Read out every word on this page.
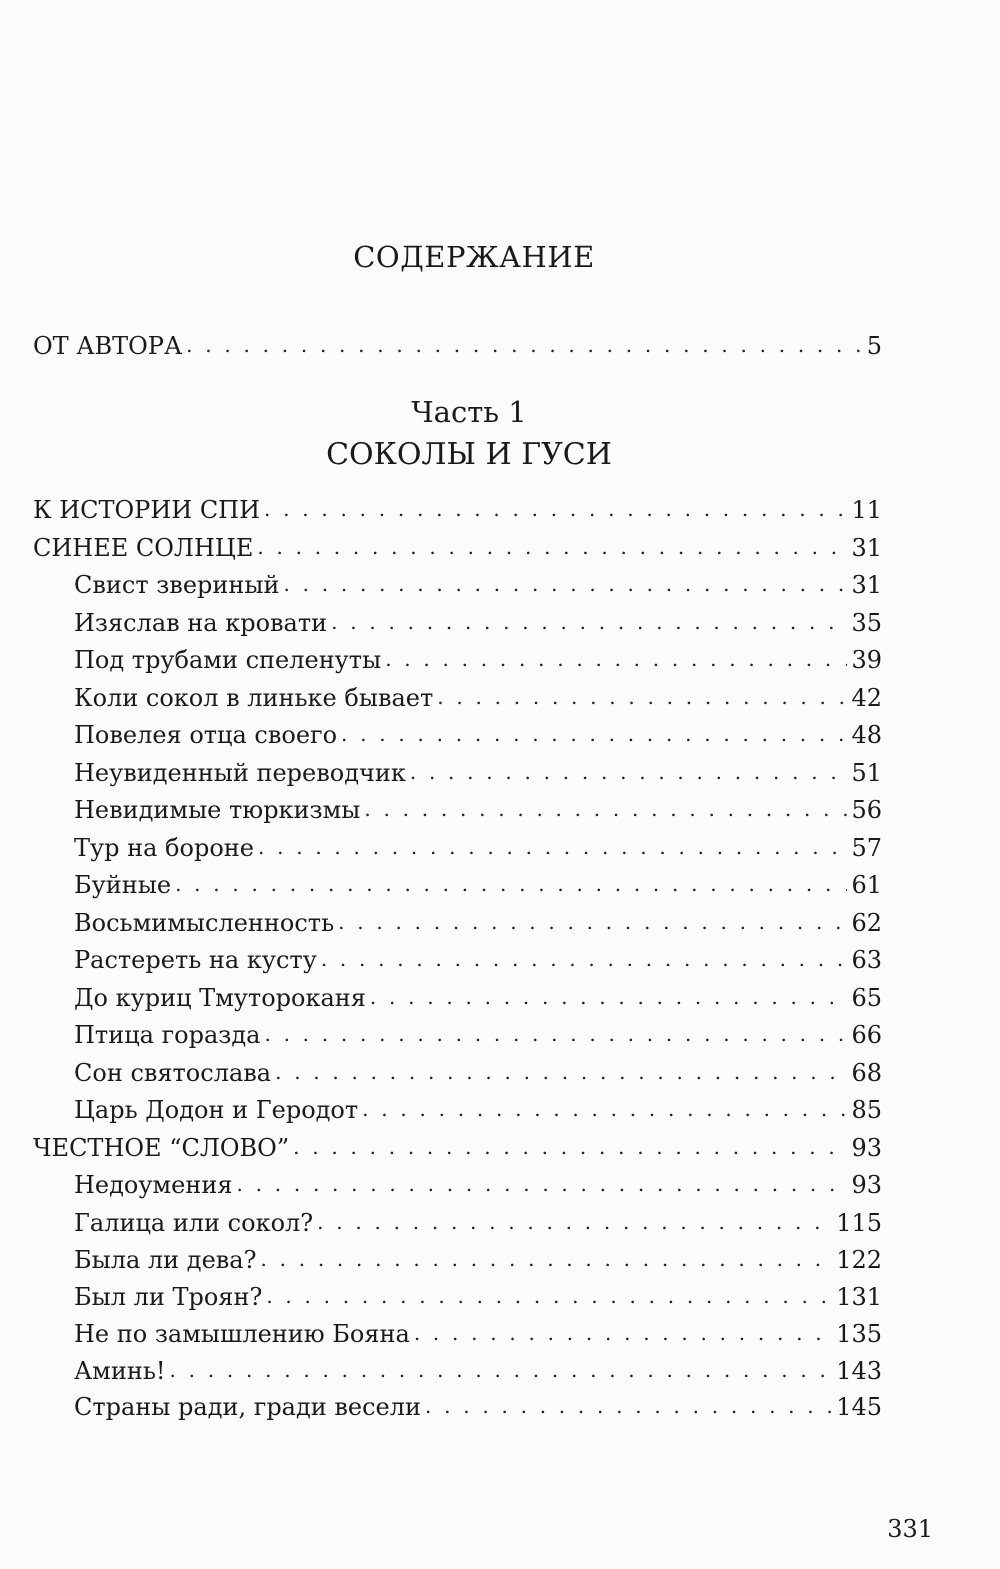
СОДЕРЖАНИЕ
ОТ АВТОРА . . .	5
Часть 1
СОКОЛЫ И ГУСИ
К ИСТОРИИ СПИ . . .	11
СИНЕЕ СОЛНЦЕ . . .	31
Свист звериный . . .	31
Изяслав на кровати . . .	35
Под трубами спеленуты . . .	39
Коли сокол в линьке бывает . . .	42
Повелея отца своего . . .	48
Неувиденный переводчик . . .	51
Невидимые тюркизмы . . .	56
Тур на бороне . . .	57
Буйные . . .	61
Восьмимысленность . . .	62
Растереть на кусту . . .	63
До куриц Тмутороканя . . .	65
Птица горазда . . .	66
Сон святослава . . .	68
Царь Додон и Геродот . . .	85
ЧЕСТНОЕ “СЛОВО” . . .	93
Недоумения . . .	93
Галица или сокол? . . .	115
Была ли дева? . . .	122
Был ли Троян? . . .	131
Не по замышлению Бояна . . .	135
Аминь! . . .	143
Страны ради, гради весели . . .	145
331
